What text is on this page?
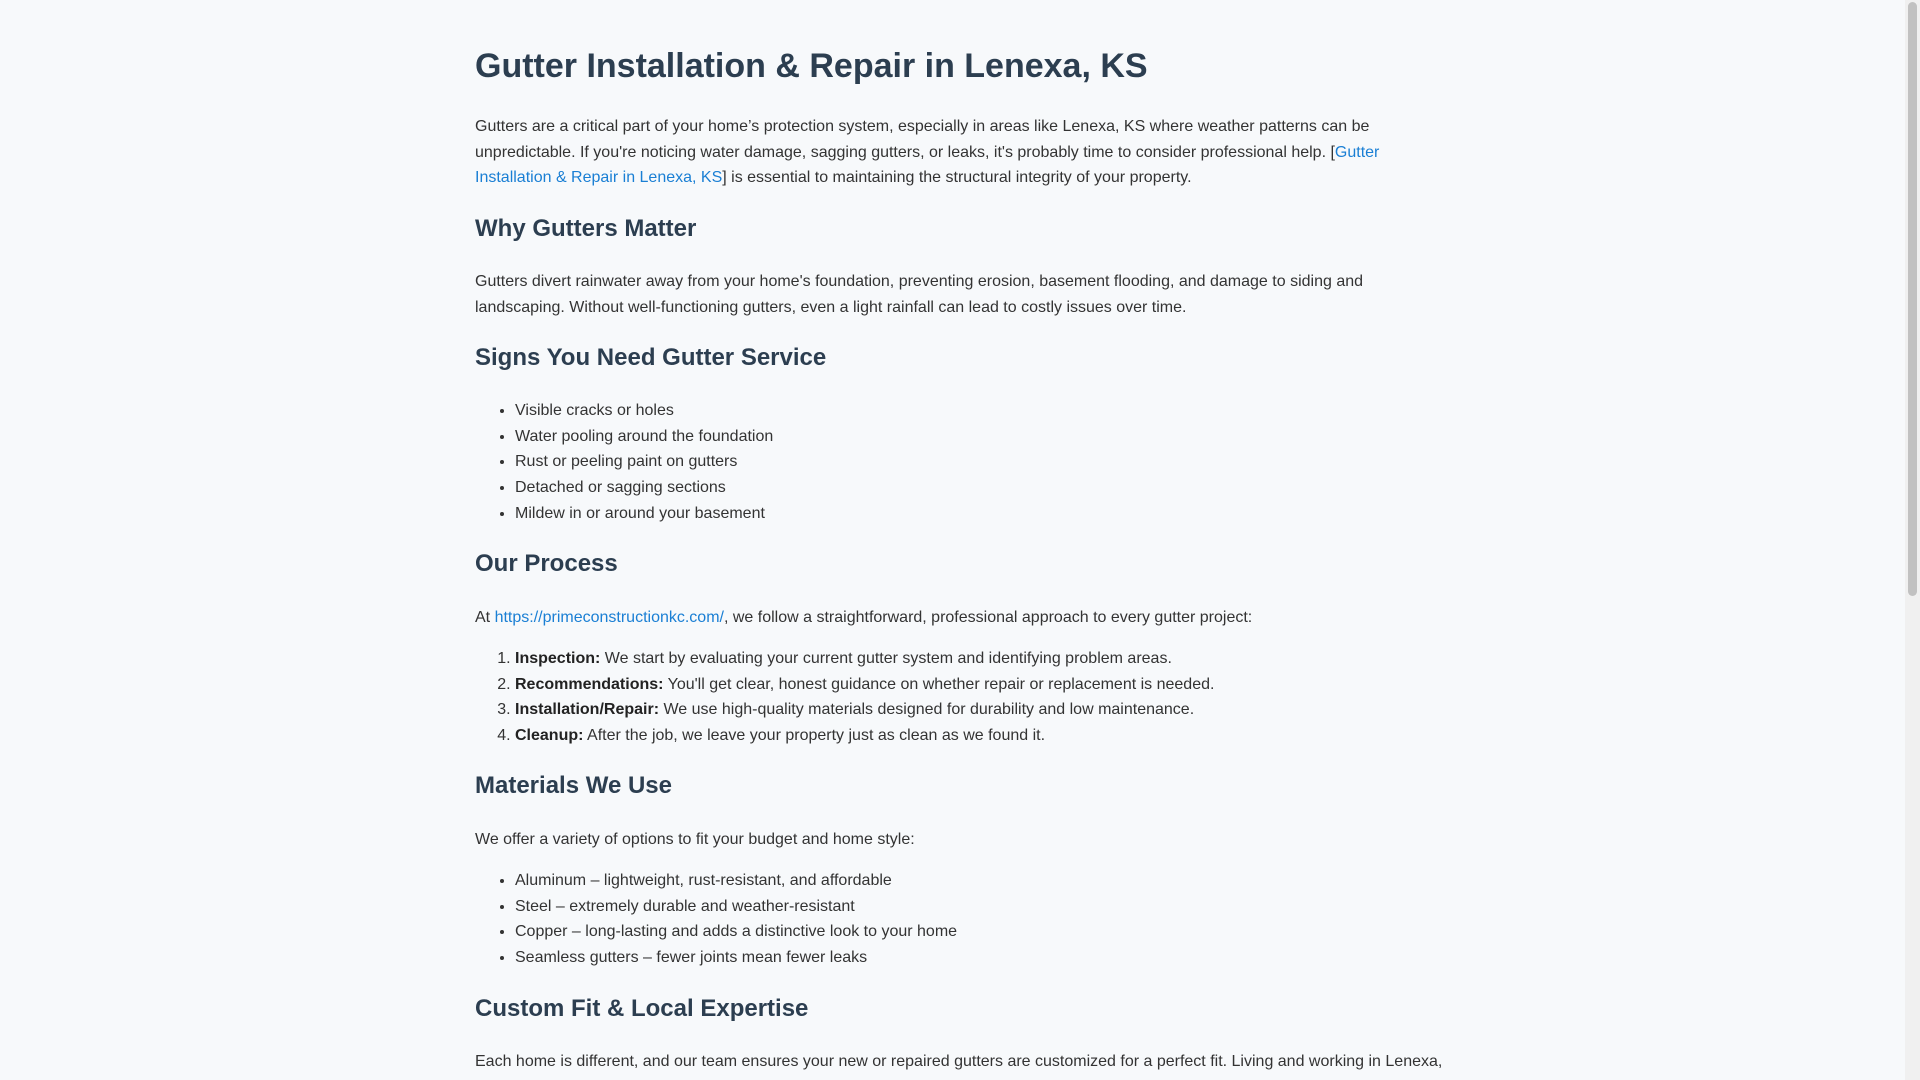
Gutter Installation & Repair in Lenexa, KS

Gutters are a critical part of your home’s protection system, especially in areas like Lenexa, KS where weather patterns can be unpredictable. If you're noticing water damage, sagging gutters, or leaks, it's probably time to consider professional help. [Gutter Installation & Repair in Lenexa, KS] is essential to maintaining the structural integrity of your property.

Why Gutters Matter

Gutters divert rainwater away from your home's foundation, preventing erosion, basement flooding, and damage to siding and landscaping. Without well-functioning gutters, even a light rainfall can lead to costly issues over time.

Signs You Need Gutter Service
• Visible cracks or holes
• Water pooling around the foundation
• Rust or peeling paint on gutters
• Detached or sagging sections
• Mildew in or around your basement
Our Process

At https://primeconstructionkc.com/, we follow a straightforward, professional approach to every gutter project:

1. Inspection: We start by evaluating your current gutter system and identifying problem areas.
2. Recommendations: You'll get clear, honest guidance on whether repair or replacement is needed.
3. Installation/Repair: We use high-quality materials designed for durability and low maintenance.
4. Cleanup: After the job, we leave your property just as clean as we found it.
Materials We Use

We offer a variety of options to fit your budget and home style:

• Aluminum – lightweight, rust-resistant, and affordable
• Steel – extremely durable and weather-resistant
• Copper – long-lasting and adds a distinctive look to your home
• Seamless gutters – fewer joints mean fewer leaks
Custom Fit & Local Expertise

Each home is different, and our team ensures your new or repaired gutters are customized for a perfect fit. Living and working in Lenexa,
